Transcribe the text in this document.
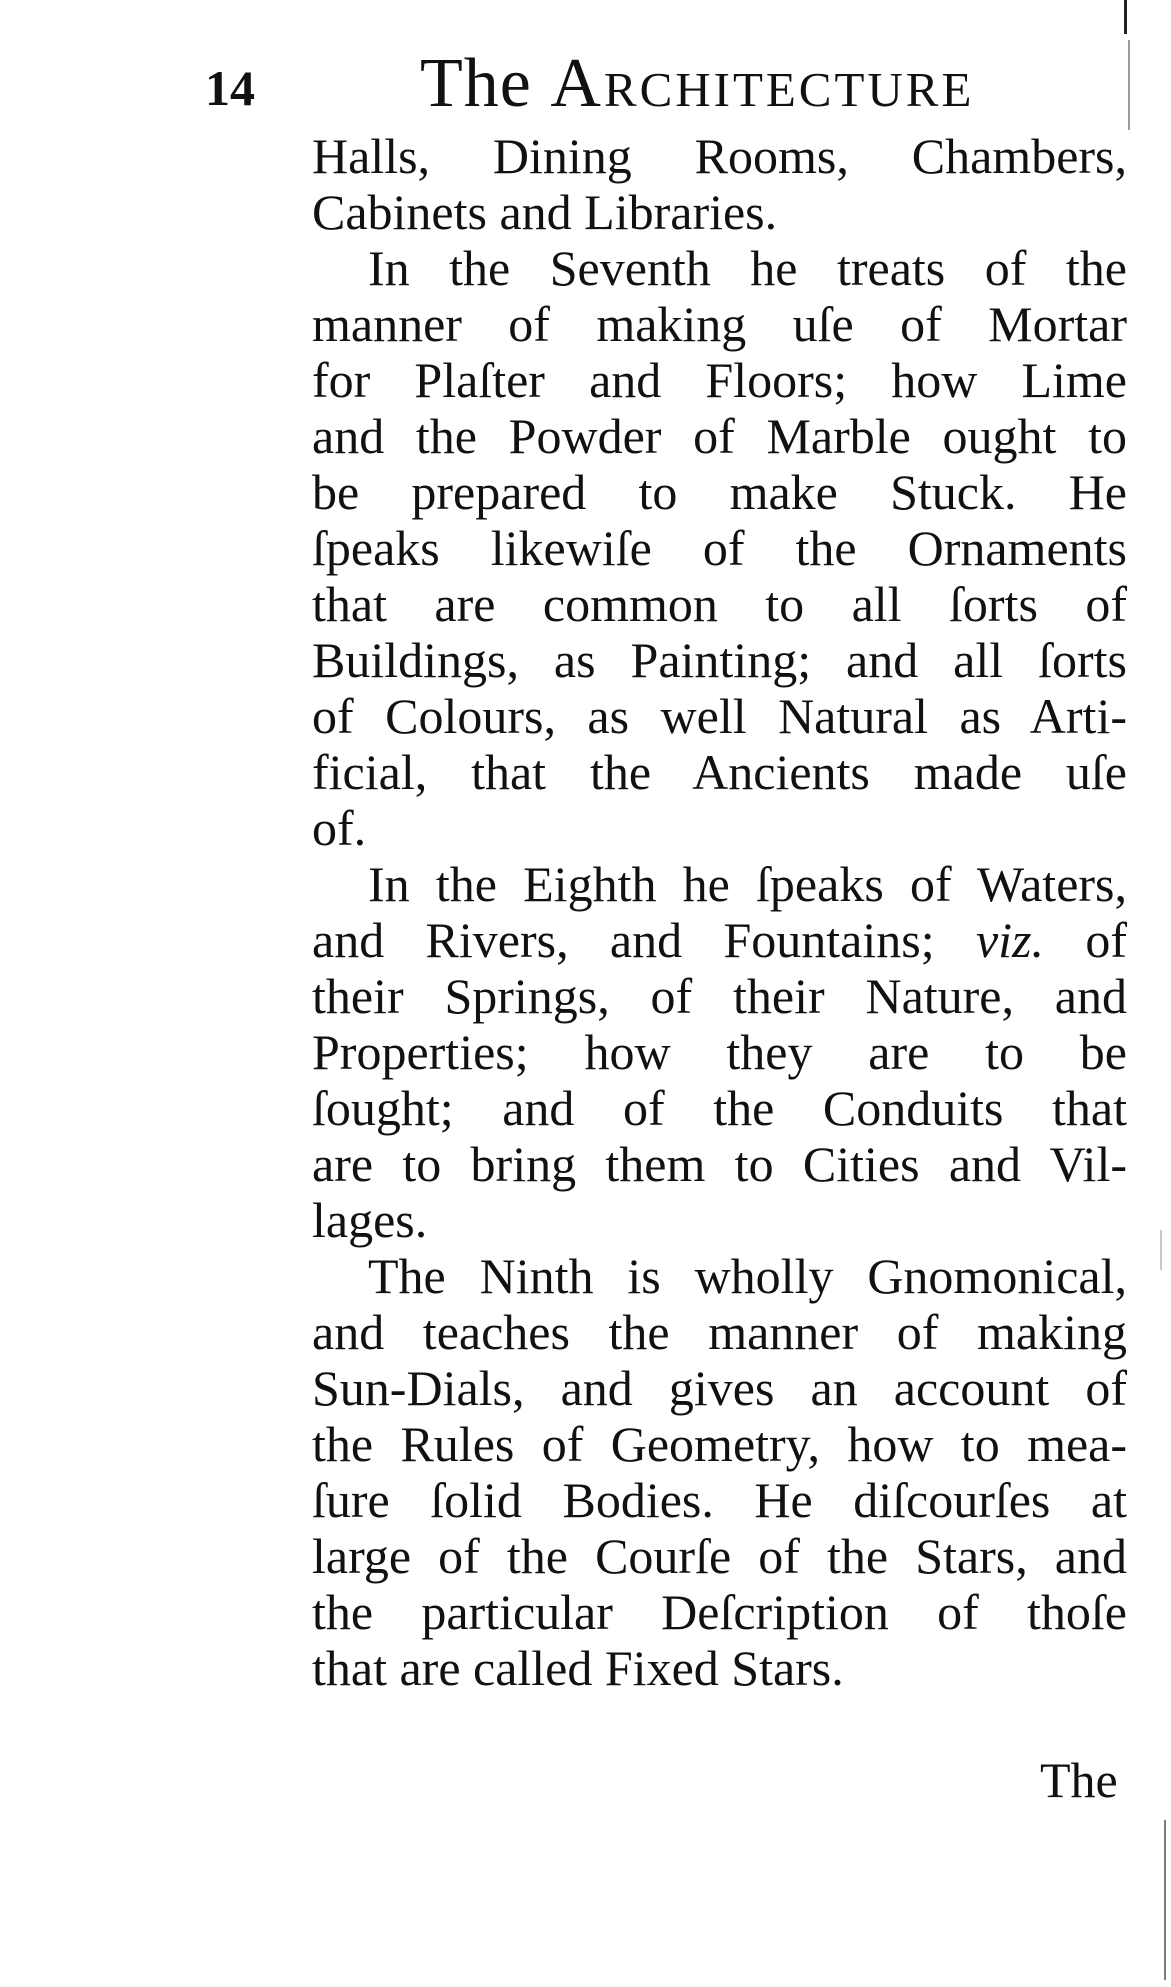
14 The Architecture
Halls, Dining Rooms, Chambers,
Cabinets and Libraries.
In the Seventh he treats of the
manner of making uſe of Mortar
for Plaſter and Floors; how Lime
and the Powder of Marble ought to
be prepared to make Stuck. He
ſpeaks likewiſe of the Ornaments
that are common to all ſorts of
Buildings, as Painting; and all ſorts
of Colours, as well Natural as Arti-
ficial, that the Ancients made uſe
of.
In the Eighth he ſpeaks of Waters,
and Rivers, and Fountains; viz. of
their Springs, of their Nature, and
Properties; how they are to be
ſought; and of the Conduits that
are to bring them to Cities and Vil-
lages.
The Ninth is wholly Gnomonical,
and teaches the manner of making
Sun-Dials, and gives an account of
the Rules of Geometry, how to mea-
ſure ſolid Bodies. He diſcourſes at
large of the Courſe of the Stars, and
the particular Deſcription of thoſe
that are called Fixed Stars.
The
